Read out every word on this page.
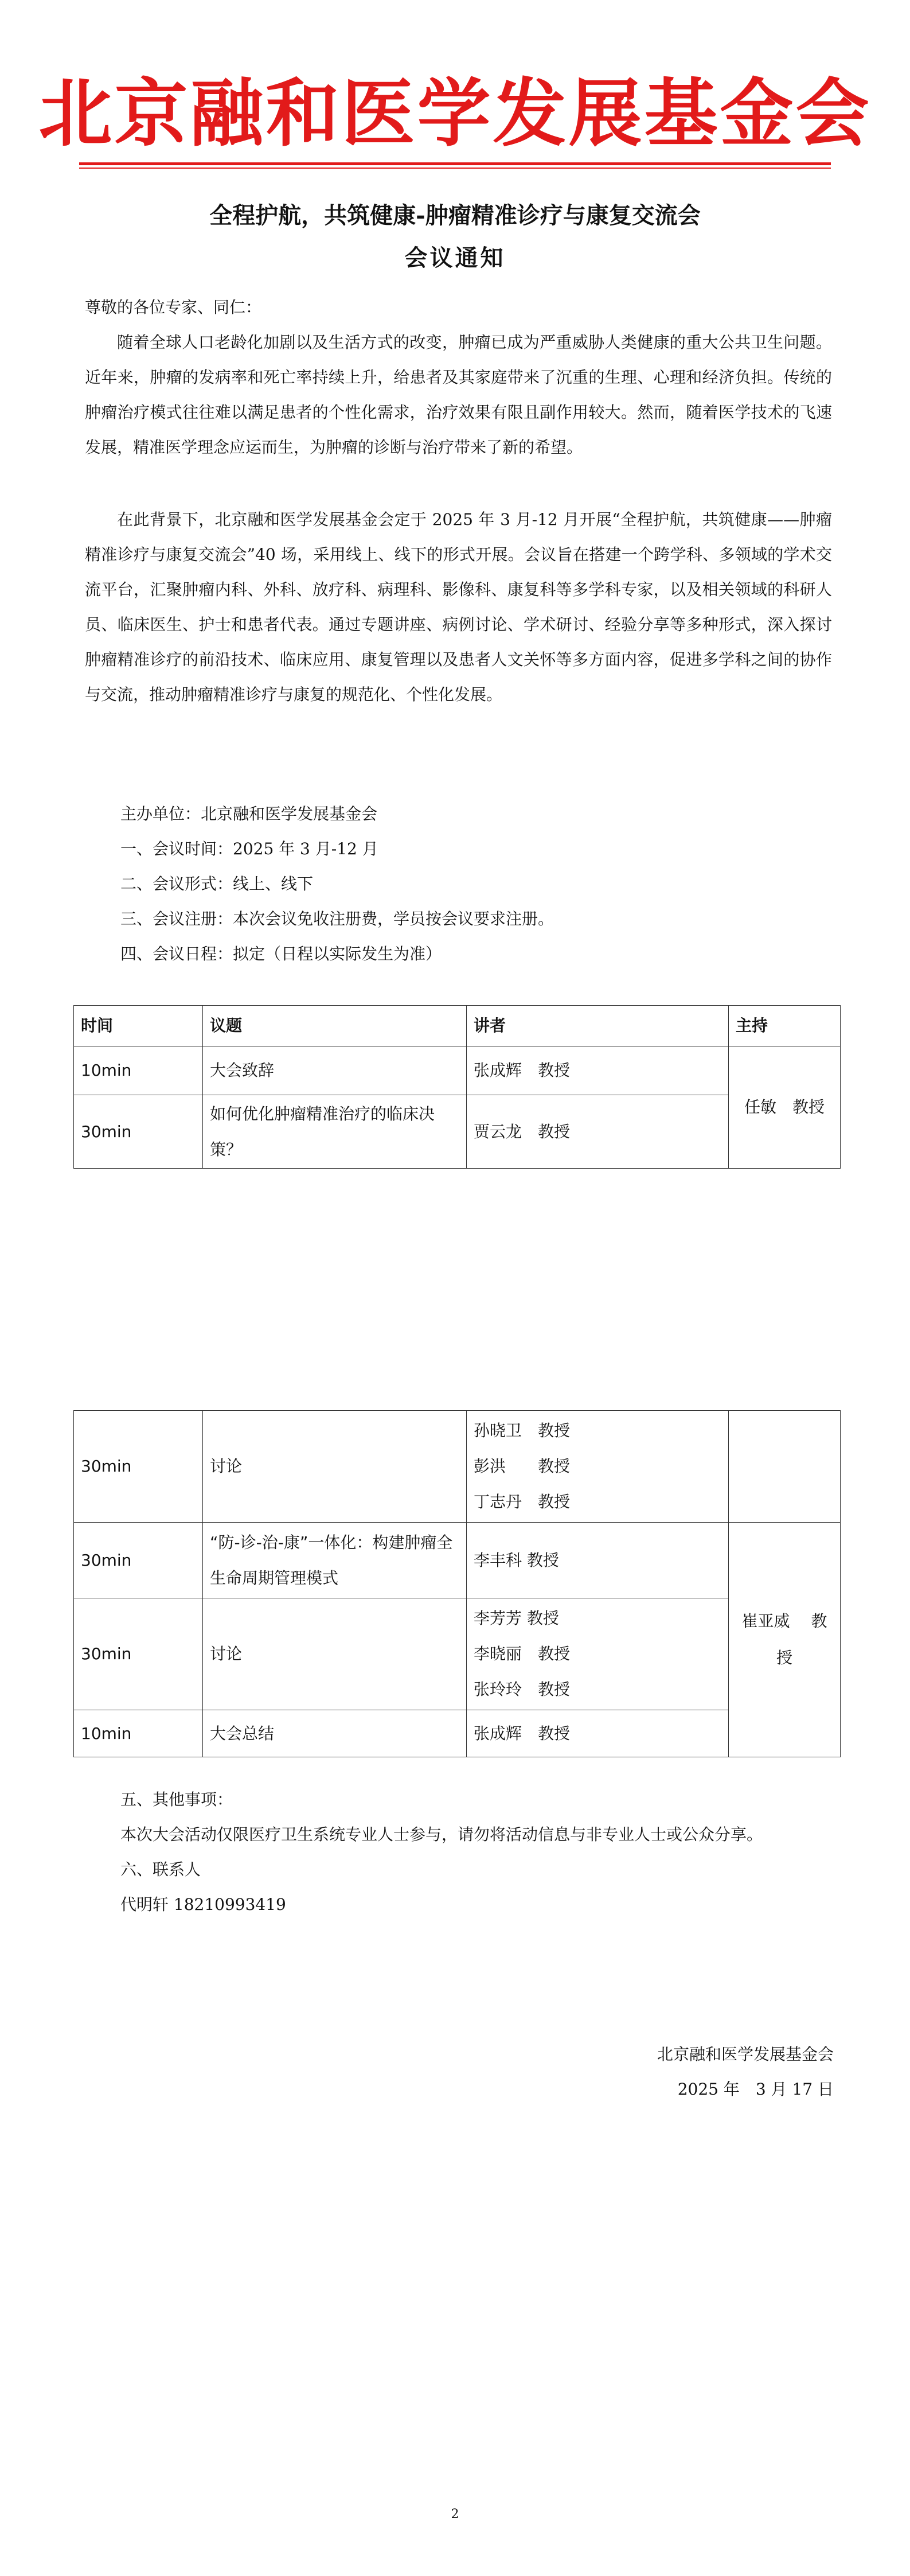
北京融和医学发展基金会
全程护航，共筑健康-肿瘤精准诊疗与康复交流会
会议通知
尊敬的各位专家、同仁：
随着全球人口老龄化加剧以及生活方式的改变，肿瘤已成为严重威胁人类健康的重大公共卫生问题。近年来，肿瘤的发病率和死亡率持续上升，给患者及其家庭带来了沉重的生理、心理和经济负担。传统的肿瘤治疗模式往往难以满足患者的个性化需求，治疗效果有限且副作用较大。然而，随着医学技术的飞速发展，精准医学理念应运而生，为肿瘤的诊断与治疗带来了新的希望。
在此背景下，北京融和医学发展基金会定于 2025 年 3 月-12 月开展“全程护航，共筑健康——肿瘤精准诊疗与康复交流会”40 场，采用线上、线下的形式开展。会议旨在搭建一个跨学科、多领域的学术交流平台，汇聚肿瘤内科、外科、放疗科、病理科、影像科、康复科等多学科专家，以及相关领域的科研人员、临床医生、护士和患者代表。通过专题讲座、病例讨论、学术研讨、经验分享等多种形式，深入探讨肿瘤精准诊疗的前沿技术、临床应用、康复管理以及患者人文关怀等多方面内容，促进多学科之间的协作与交流，推动肿瘤精准诊疗与康复的规范化、个性化发展。
主办单位：北京融和医学发展基金会
一、会议时间：2025 年 3 月-12 月
二、会议形式：线上、线下
三、会议注册：本次会议免收注册费，学员按会议要求注册。
四、会议日程：拟定（日程以实际发生为准）
时间	议题	讲者	主持
10min	大会致辞	张成辉　教授	任敏　教授
30min	如何优化肿瘤精准治疗的临床决策？	贾云龙　教授	
30min	讨论	孙晓卫　教授
彭洪　　教授
丁志丹　教授	

30min	“防-诊-治-康”一体化：构建肿瘤全生命周期管理模式	李丰科 教授	崔亚威　 教授
30min	讨论	李芳芳 教授
李晓丽　教授
张玲玲　教授	

10min	大会总结	张成辉　教授	
五、其他事项：
本次大会活动仅限医疗卫生系统专业人士参与，请勿将活动信息与非专业人士或公众分享。
六、联系人
代明轩 18210993419
北京融和医学发展基金会
2025 年　3 月 17 日
2
